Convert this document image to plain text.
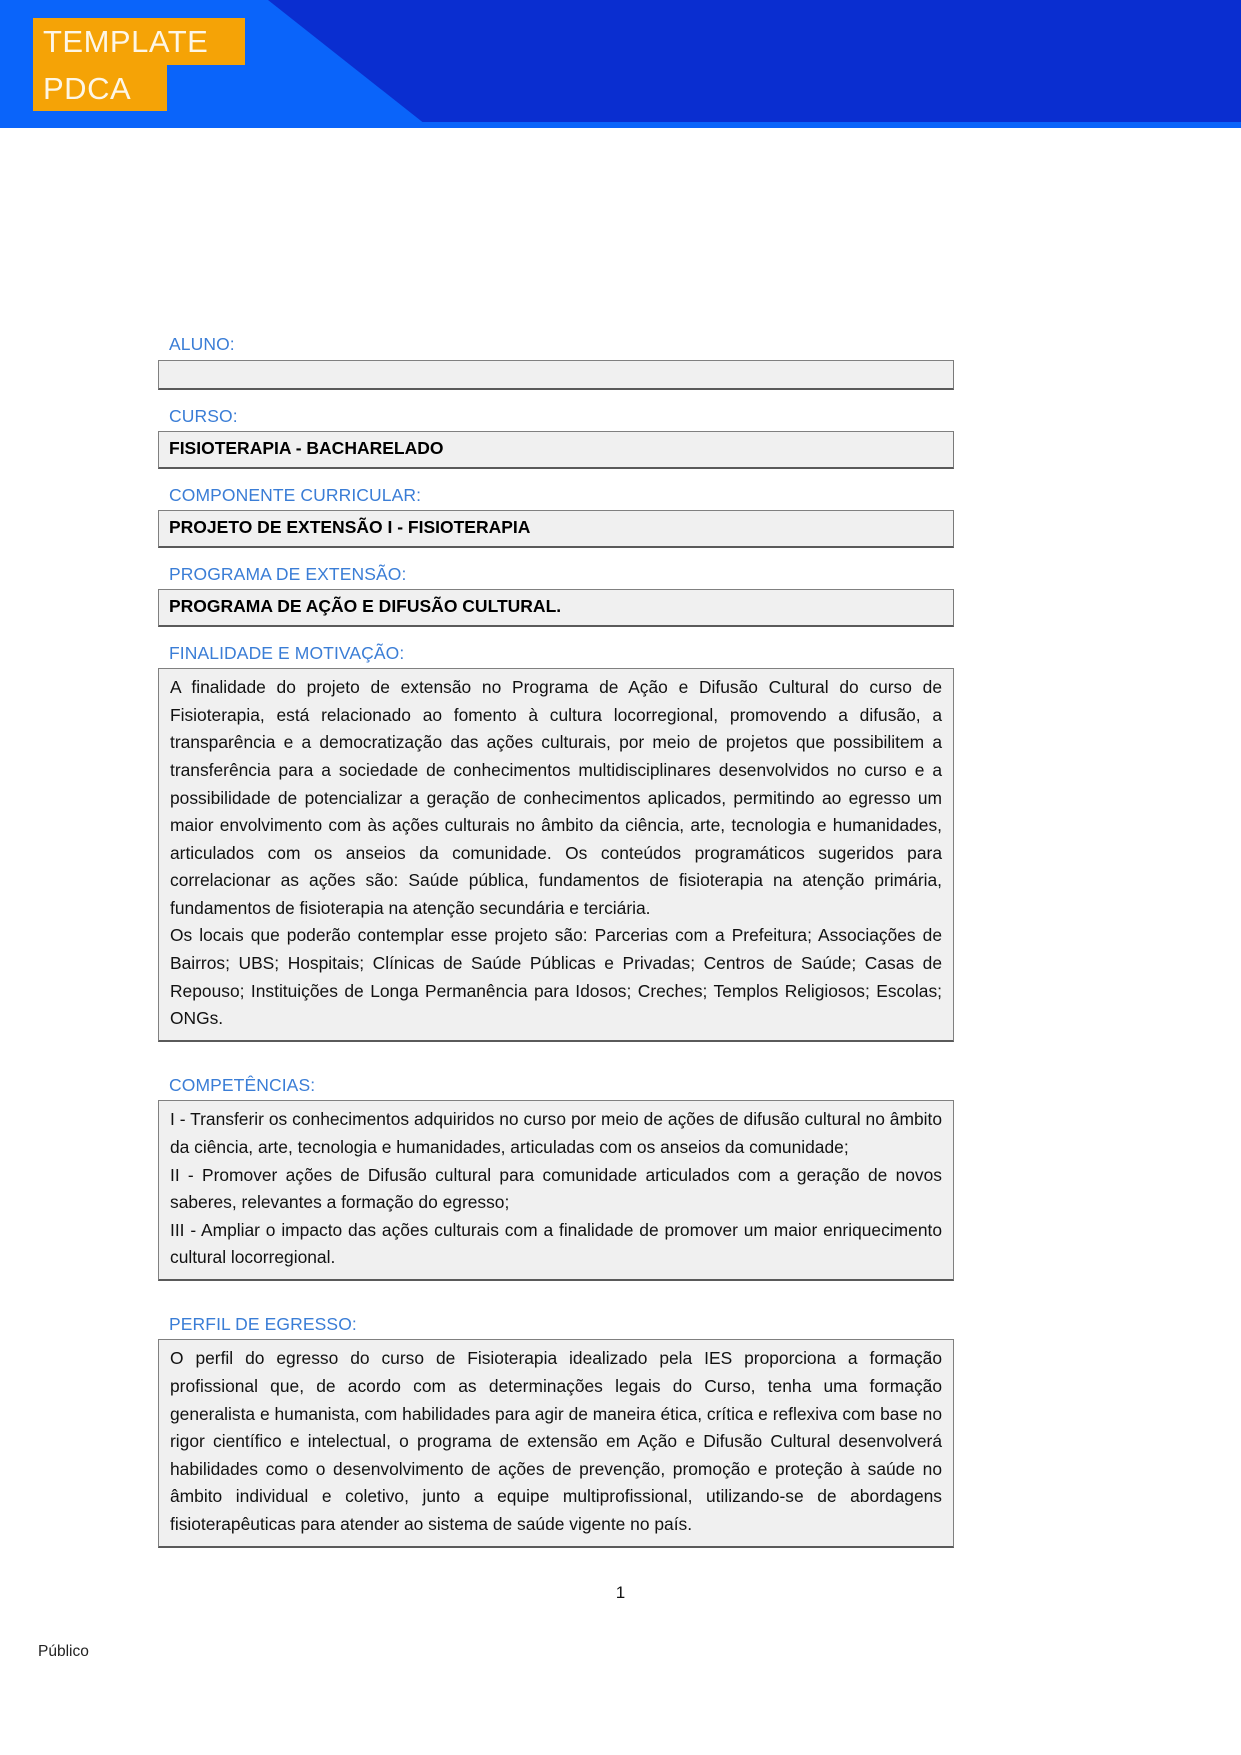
TEMPLATE
PDCA
ALUNO:
CURSO:
FISIOTERAPIA - BACHARELADO
COMPONENTE CURRICULAR:
PROJETO DE EXTENSÃO I - FISIOTERAPIA
PROGRAMA DE EXTENSÃO:
PROGRAMA DE AÇÃO E DIFUSÃO CULTURAL.
FINALIDADE E MOTIVAÇÃO:

A finalidade do projeto de extensão no Programa de Ação e Difusão Cultural do curso de Fisioterapia, está relacionado ao fomento à cultura locorregional, promovendo a difusão, a transparência e a democratização das ações culturais, por meio de projetos que possibilitem a transferência para a sociedade de conhecimentos multidisciplinares desenvolvidos no curso e a possibilidade de potencializar a geração de conhecimentos aplicados, permitindo ao egresso um maior envolvimento com às ações culturais no âmbito da ciência, arte, tecnologia e humanidades, articulados com os anseios da comunidade. Os conteúdos programáticos sugeridos para correlacionar as ações são: Saúde pública, fundamentos de fisioterapia na atenção primária, fundamentos de fisioterapia na atenção secundária e terciária.

Os locais que poderão contemplar esse projeto são: Parcerias com a Prefeitura; Associações de Bairros; UBS; Hospitais; Clínicas de Saúde Públicas e Privadas; Centros de Saúde; Casas de Repouso; Instituições de Longa Permanência para Idosos; Creches; Templos Religiosos; Escolas; ONGs.

COMPETÊNCIAS:

I - Transferir os conhecimentos adquiridos no curso por meio de ações de difusão cultural no âmbito da ciência, arte, tecnologia e humanidades, articuladas com os anseios da comunidade;

II - Promover ações de Difusão cultural para comunidade articulados com a geração de novos saberes, relevantes a formação do egresso;

III - Ampliar o impacto das ações culturais com a finalidade de promover um maior enriquecimento cultural locorregional.

PERFIL DE EGRESSO:

O perfil do egresso do curso de Fisioterapia idealizado pela IES proporciona a formação profissional que, de acordo com as determinações legais do Curso, tenha uma formação generalista e humanista, com habilidades para agir de maneira ética, crítica e reflexiva com base no rigor científico e intelectual, o programa de extensão em Ação e Difusão Cultural desenvolverá habilidades como o desenvolvimento de ações de prevenção, promoção e proteção à saúde no âmbito individual e coletivo, junto a equipe multiprofissional, utilizando-se de abordagens fisioterapêuticas para atender ao sistema de saúde vigente no país.

1
Público
